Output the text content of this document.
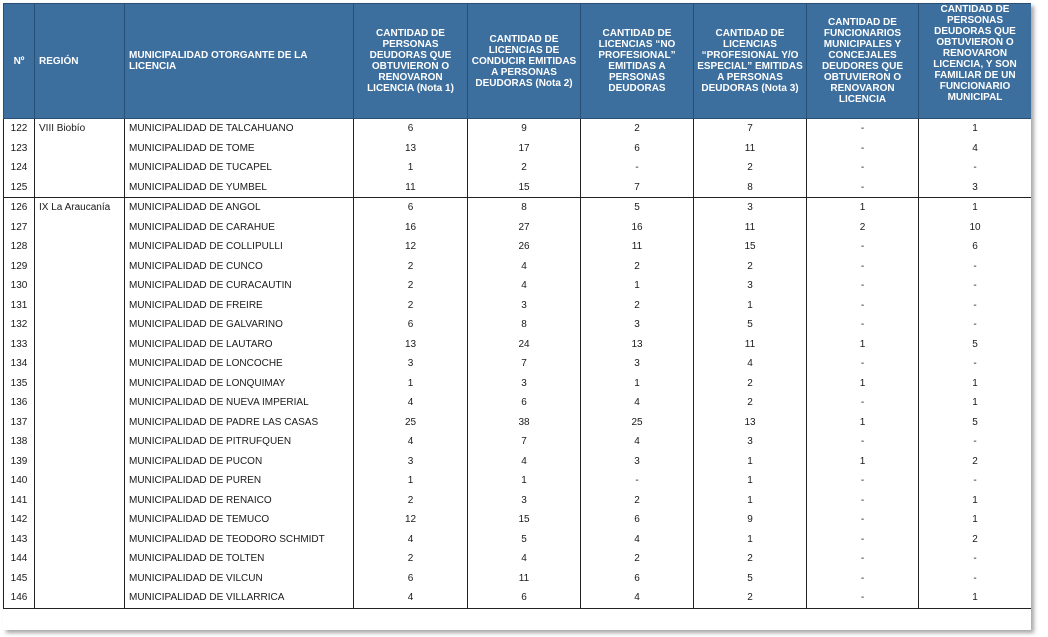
Nº	REGIÓN	MUNICIPALIDAD OTORGANTE DE LA LICENCIA	CANTIDAD DE PERSONAS DEUDORAS QUE OBTUVIERON O RENOVARON LICENCIA (Nota 1)	CANTIDAD DE LICENCIAS DE CONDUCIR EMITIDAS A PERSONAS DEUDORAS (Nota 2)	CANTIDAD DE LICENCIAS “NO PROFESIONAL” EMITIDAS A PERSONAS DEUDORAS	CANTIDAD DE LICENCIAS “PROFESIONAL Y/O ESPECIAL” EMITIDAS A PERSONAS DEUDORAS (Nota 3)	CANTIDAD DE FUNCIONARIOS MUNICIPALES Y CONCEJALES DEUDORES QUE OBTUVIERON O RENOVARON LICENCIA	CANTIDAD DE PERSONAS DEUDORAS QUE OBTUVIERON O RENOVARON LICENCIA, Y SON FAMILIAR DE UN FUNCIONARIO MUNICIPAL
122	VIII Biobío	MUNICIPALIDAD DE TALCAHUANO	6	9	2	7	-	1
123		MUNICIPALIDAD DE TOME	13	17	6	11	-	4
124		MUNICIPALIDAD DE TUCAPEL	1	2	-	2	-	-
125		MUNICIPALIDAD DE YUMBEL	11	15	7	8	-	3
126	IX La Araucanía	MUNICIPALIDAD DE ANGOL	6	8	5	3	1	1
127		MUNICIPALIDAD DE CARAHUE	16	27	16	11	2	10
128		MUNICIPALIDAD DE COLLIPULLI	12	26	11	15	-	6
129		MUNICIPALIDAD DE CUNCO	2	4	2	2	-	-
130		MUNICIPALIDAD DE CURACAUTIN	2	4	1	3	-	-
131		MUNICIPALIDAD DE FREIRE	2	3	2	1	-	-
132		MUNICIPALIDAD DE GALVARINO	6	8	3	5	-	-
133		MUNICIPALIDAD DE LAUTARO	13	24	13	11	1	5
134		MUNICIPALIDAD DE LONCOCHE	3	7	3	4	-	-
135		MUNICIPALIDAD DE LONQUIMAY	1	3	1	2	1	1
136		MUNICIPALIDAD DE NUEVA IMPERIAL	4	6	4	2	-	1
137		MUNICIPALIDAD DE PADRE LAS CASAS	25	38	25	13	1	5
138		MUNICIPALIDAD DE PITRUFQUEN	4	7	4	3	-	-
139		MUNICIPALIDAD DE PUCON	3	4	3	1	1	2
140		MUNICIPALIDAD DE PUREN	1	1	-	1	-	-
141		MUNICIPALIDAD DE RENAICO	2	3	2	1	-	1
142		MUNICIPALIDAD DE TEMUCO	12	15	6	9	-	1
143		MUNICIPALIDAD DE TEODORO SCHMIDT	4	5	4	1	-	2
144		MUNICIPALIDAD DE TOLTEN	2	4	2	2	-	-
145		MUNICIPALIDAD DE VILCUN	6	11	6	5	-	-
146		MUNICIPALIDAD DE VILLARRICA	4	6	4	2	-	1
